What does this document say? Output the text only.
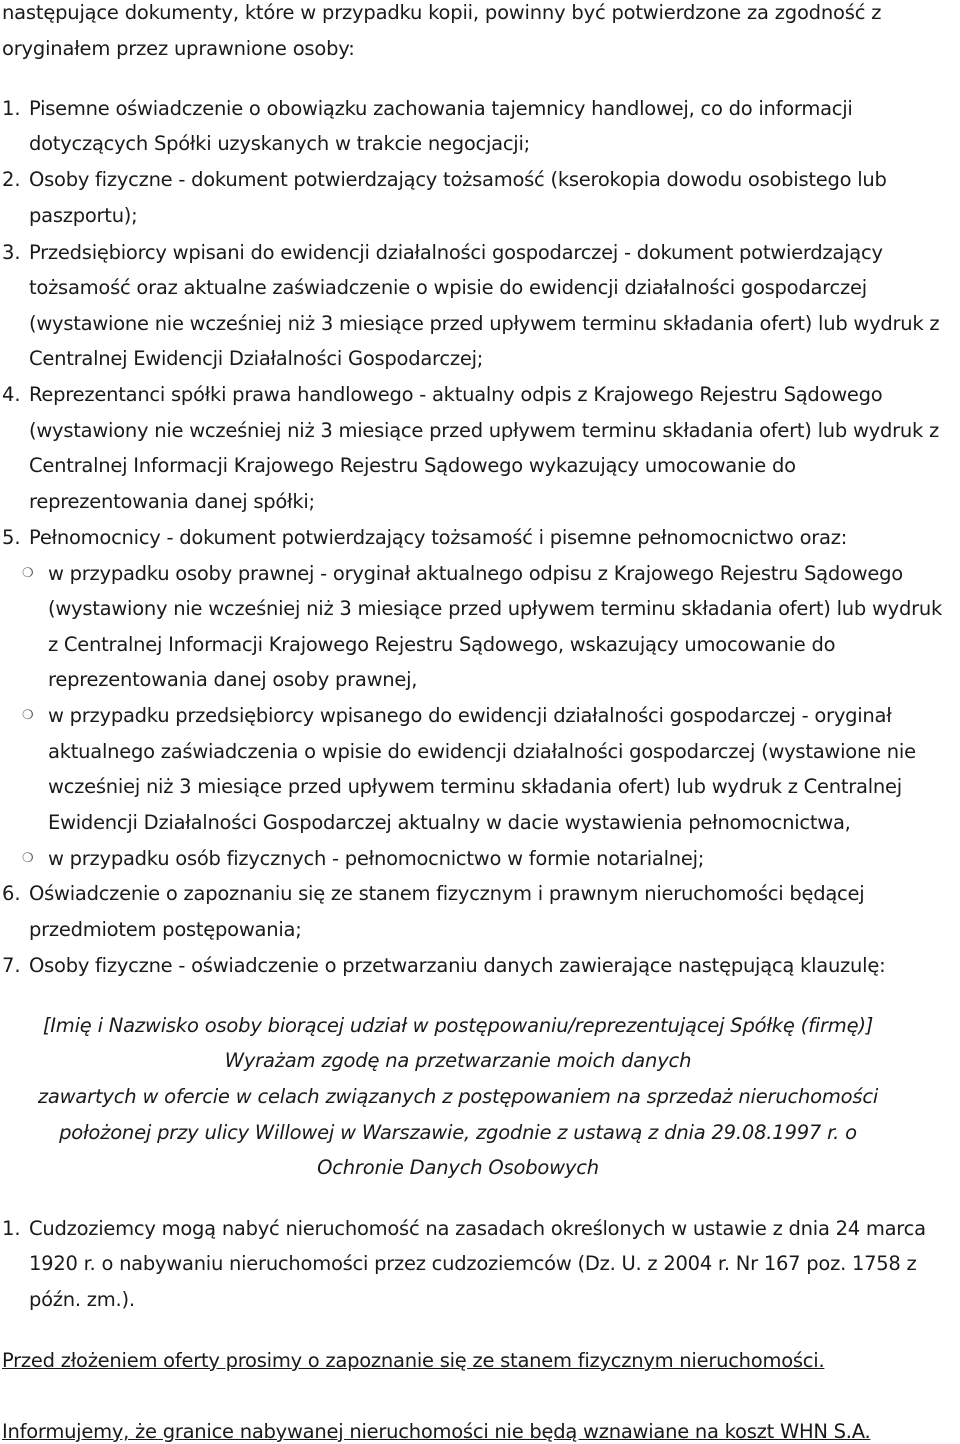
następujące dokumenty, które w przypadku kopii, powinny być potwierdzone za zgodność z
oryginałem przez uprawnione osoby:
1. Pisemne oświadczenie o obowiązku zachowania tajemnicy handlowej, co do informacji
dotyczących Spółki uzyskanych w trakcie negocjacji;
2. Osoby fizyczne - dokument potwierdzający tożsamość (kserokopia dowodu osobistego lub
paszportu);
3. Przedsiębiorcy wpisani do ewidencji działalności gospodarczej - dokument potwierdzający
tożsamość oraz aktualne zaświadczenie o wpisie do ewidencji działalności gospodarczej
(wystawione nie wcześniej niż 3 miesiące przed upływem terminu składania ofert) lub wydruk z
Centralnej Ewidencji Działalności Gospodarczej;
4. Reprezentanci spółki prawa handlowego - aktualny odpis z Krajowego Rejestru Sądowego
(wystawiony nie wcześniej niż 3 miesiące przed upływem terminu składania ofert) lub wydruk z
Centralnej Informacji Krajowego Rejestru Sądowego wykazujący umocowanie do
reprezentowania danej spółki;
5. Pełnomocnicy - dokument potwierdzający tożsamość i pisemne pełnomocnictwo oraz:
❍ w przypadku osoby prawnej - oryginał aktualnego odpisu z Krajowego Rejestru Sądowego
(wystawiony nie wcześniej niż 3 miesiące przed upływem terminu składania ofert) lub wydruk
z Centralnej Informacji Krajowego Rejestru Sądowego, wskazujący umocowanie do
reprezentowania danej osoby prawnej,
❍ w przypadku przedsiębiorcy wpisanego do ewidencji działalności gospodarczej - oryginał
aktualnego zaświadczenia o wpisie do ewidencji działalności gospodarczej (wystawione nie
wcześniej niż 3 miesiące przed upływem terminu składania ofert) lub wydruk z Centralnej
Ewidencji Działalności Gospodarczej aktualny w dacie wystawienia pełnomocnictwa,
❍ w przypadku osób fizycznych - pełnomocnictwo w formie notarialnej;
6. Oświadczenie o zapoznaniu się ze stanem fizycznym i prawnym nieruchomości będącej
przedmiotem postępowania;
7. Osoby fizyczne - oświadczenie o przetwarzaniu danych zawierające następującą klauzulę:
[Imię i Nazwisko osoby biorącej udział w postępowaniu/reprezentującej Spółkę (firmę)]
Wyrażam zgodę na przetwarzanie moich danych
zawartych w ofercie w celach związanych z postępowaniem na sprzedaż nieruchomości
położonej przy ulicy Willowej w Warszawie, zgodnie z ustawą z dnia 29.08.1997 r. o
Ochronie Danych Osobowych
1. Cudzoziemcy mogą nabyć nieruchomość na zasadach określonych w ustawie z dnia 24 marca
1920 r. o nabywaniu nieruchomości przez cudzoziemców (Dz. U. z 2004 r. Nr 167 poz. 1758 z
późn. zm.).
Przed złożeniem oferty prosimy o zapoznanie się ze stanem fizycznym nieruchomości.
Informujemy, że granice nabywanej nieruchomości nie będą wznawiane na koszt WHN S.A.
